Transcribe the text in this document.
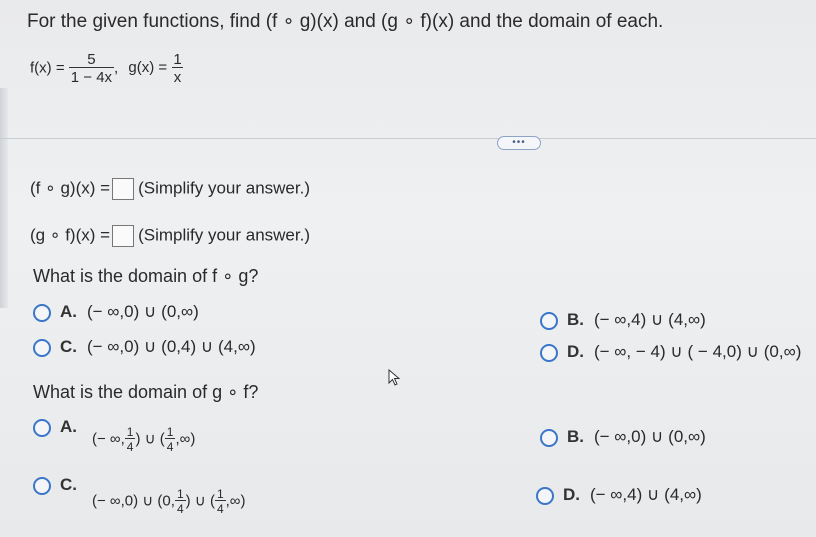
For the given functions, find (f ∘ g)(x) and (g ∘ f)(x) and the domain of each.
$f(x) = \frac{5}{1 - 4x}$ , $g(x) = \frac{1}{x}$
•••
(f ∘ g)(x) = (Simplify your answer.)
(g ∘ f)(x) = (Simplify your answer.)
What is the domain of f ∘ g?
A. (− ∞,0) ∪ (0,∞)
C. (− ∞,0) ∪ (0,4) ∪ (4,∞)
B. (− ∞,4) ∪ (4,∞)
D. (− ∞, − 4) ∪ ( − 4,0) ∪ (0,∞)
What is the domain of g ∘ f?
A.
(− ∞, $\frac{1}{4}$ ) ∪ ( $\frac{1}{4}$ ,∞)
C.
(− ∞,0) ∪ (0, $\frac{1}{4}$ ) ∪ ( $\frac{1}{4}$ ,∞)
B. (− ∞,0) ∪ (0,∞)
D. (− ∞,4) ∪ (4,∞)
